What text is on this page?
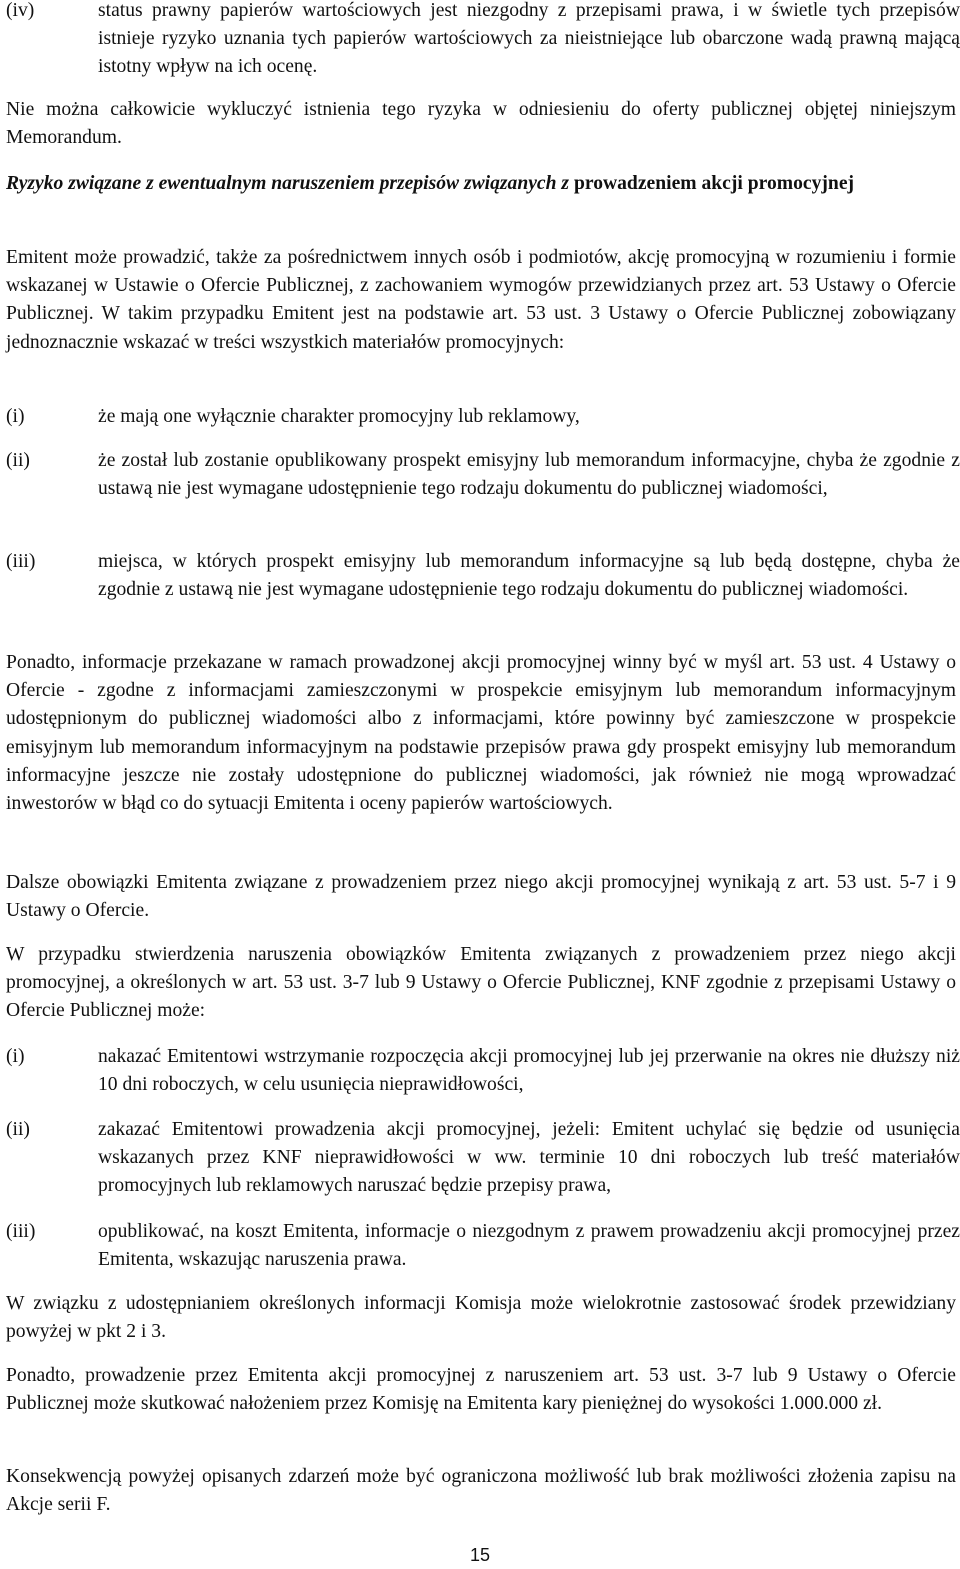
(iv)	status prawny papierów wartościowych jest niezgodny z przepisami prawa, i w świetle tych przepisów istnieje ryzyko uznania tych papierów wartościowych za nieistniejące lub obarczone wadą prawną mającą istotny wpływ na ich ocenę.

Nie można całkowicie wykluczyć istnienia tego ryzyka w odniesieniu do oferty publicznej objętej niniejszym Memorandum.

Ryzyko związane z ewentualnym naruszeniem przepisów związanych z prowadzeniem akcji promocyjnej

Emitent może prowadzić, także za pośrednictwem innych osób i podmiotów, akcję promocyjną w rozumieniu i formie wskazanej w Ustawie o Ofercie Publicznej, z zachowaniem wymogów przewidzianych przez art. 53 Ustawy o Ofercie Publicznej. W takim przypadku Emitent jest na podstawie art. 53 ust. 3 Ustawy o Ofercie Publicznej zobowiązany jednoznacznie wskazać w treści wszystkich materiałów promocyjnych:

(i)	że mają one wyłącznie charakter promocyjny lub reklamowy,
(ii)	że został lub zostanie opublikowany prospekt emisyjny lub memorandum informacyjne, chyba że zgodnie z ustawą nie jest wymagane udostępnienie tego rodzaju dokumentu do publicznej wiadomości,
(iii)	miejsca, w których prospekt emisyjny lub memorandum informacyjne są lub będą dostępne, chyba że zgodnie z ustawą nie jest wymagane udostępnienie tego rodzaju dokumentu do publicznej wiadomości.

Ponadto, informacje przekazane w ramach prowadzonej akcji promocyjnej winny być w myśl art. 53 ust. 4 Ustawy o Ofercie - zgodne z informacjami zamieszczonymi w prospekcie emisyjnym lub memorandum informacyjnym udostępnionym do publicznej wiadomości albo z informacjami, które powinny być zamieszczone w prospekcie emisyjnym lub memorandum informacyjnym na podstawie przepisów prawa gdy prospekt emisyjny lub memorandum informacyjne jeszcze nie zostały udostępnione do publicznej wiadomości, jak również nie mogą wprowadzać inwestorów w błąd co do sytuacji Emitenta i oceny papierów wartościowych.

Dalsze obowiązki Emitenta związane z prowadzeniem przez niego akcji promocyjnej wynikają z art. 53 ust. 5-7 i 9 Ustawy o Ofercie.

W przypadku stwierdzenia naruszenia obowiązków Emitenta związanych z prowadzeniem przez niego akcji promocyjnej, a określonych w art. 53 ust. 3-7 lub 9 Ustawy o Ofercie Publicznej, KNF zgodnie z przepisami Ustawy o Ofercie Publicznej może:

(i)	nakazać Emitentowi wstrzymanie rozpoczęcia akcji promocyjnej lub jej przerwanie na okres nie dłuższy niż 10 dni roboczych, w celu usunięcia nieprawidłowości,
(ii)	zakazać Emitentowi prowadzenia akcji promocyjnej, jeżeli: Emitent uchylać się będzie od usunięcia wskazanych przez KNF nieprawidłowości w ww. terminie 10 dni roboczych lub treść materiałów promocyjnych lub reklamowych naruszać będzie przepisy prawa,
(iii)	opublikować, na koszt Emitenta, informacje o niezgodnym z prawem prowadzeniu akcji promocyjnej przez Emitenta, wskazując naruszenia prawa.

W związku z udostępnianiem określonych informacji Komisja może wielokrotnie zastosować środek przewidziany powyżej w pkt 2 i 3.

Ponadto, prowadzenie przez Emitenta akcji promocyjnej z naruszeniem art. 53 ust. 3-7 lub 9 Ustawy o Ofercie Publicznej może skutkować nałożeniem przez Komisję na Emitenta kary pieniężnej do wysokości 1.000.000 zł.

Konsekwencją powyżej opisanych zdarzeń może być ograniczona możliwość lub brak możliwości złożenia zapisu na Akcje serii F.

15
